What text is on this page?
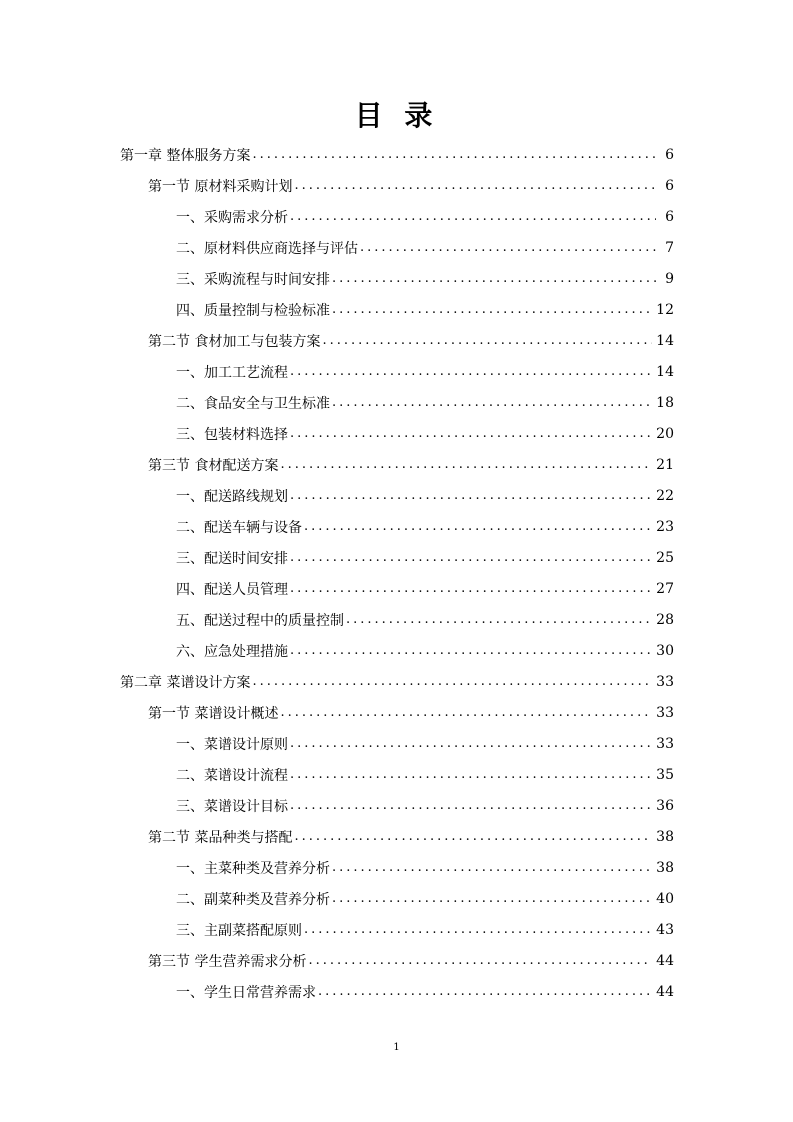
目 录
第一章 整体服务方案 .....	6
第一节 原材料采购计划 .....	6
一、采购需求分析 .....	6
二、原材料供应商选择与评估 .....	7
三、采购流程与时间安排 .....	9
四、质量控制与检验标准 .....	12
第二节 食材加工与包装方案 .....	14
一、加工工艺流程 .....	14
二、食品安全与卫生标准 .....	18
三、包装材料选择 .....	20
第三节 食材配送方案 .....	21
一、配送路线规划 .....	22
二、配送车辆与设备 .....	23
三、配送时间安排 .....	25
四、配送人员管理 .....	27
五、配送过程中的质量控制 .....	28
六、应急处理措施 .....	30
第二章 菜谱设计方案 .....	33
第一节 菜谱设计概述 .....	33
一、菜谱设计原则 .....	33
二、菜谱设计流程 .....	35
三、菜谱设计目标 .....	36
第二节 菜品种类与搭配 .....	38
一、主菜种类及营养分析 .....	38
二、副菜种类及营养分析 .....	40
三、主副菜搭配原则 .....	43
第三节 学生营养需求分析 .....	44
一、学生日常营养需求 .....	44
1
